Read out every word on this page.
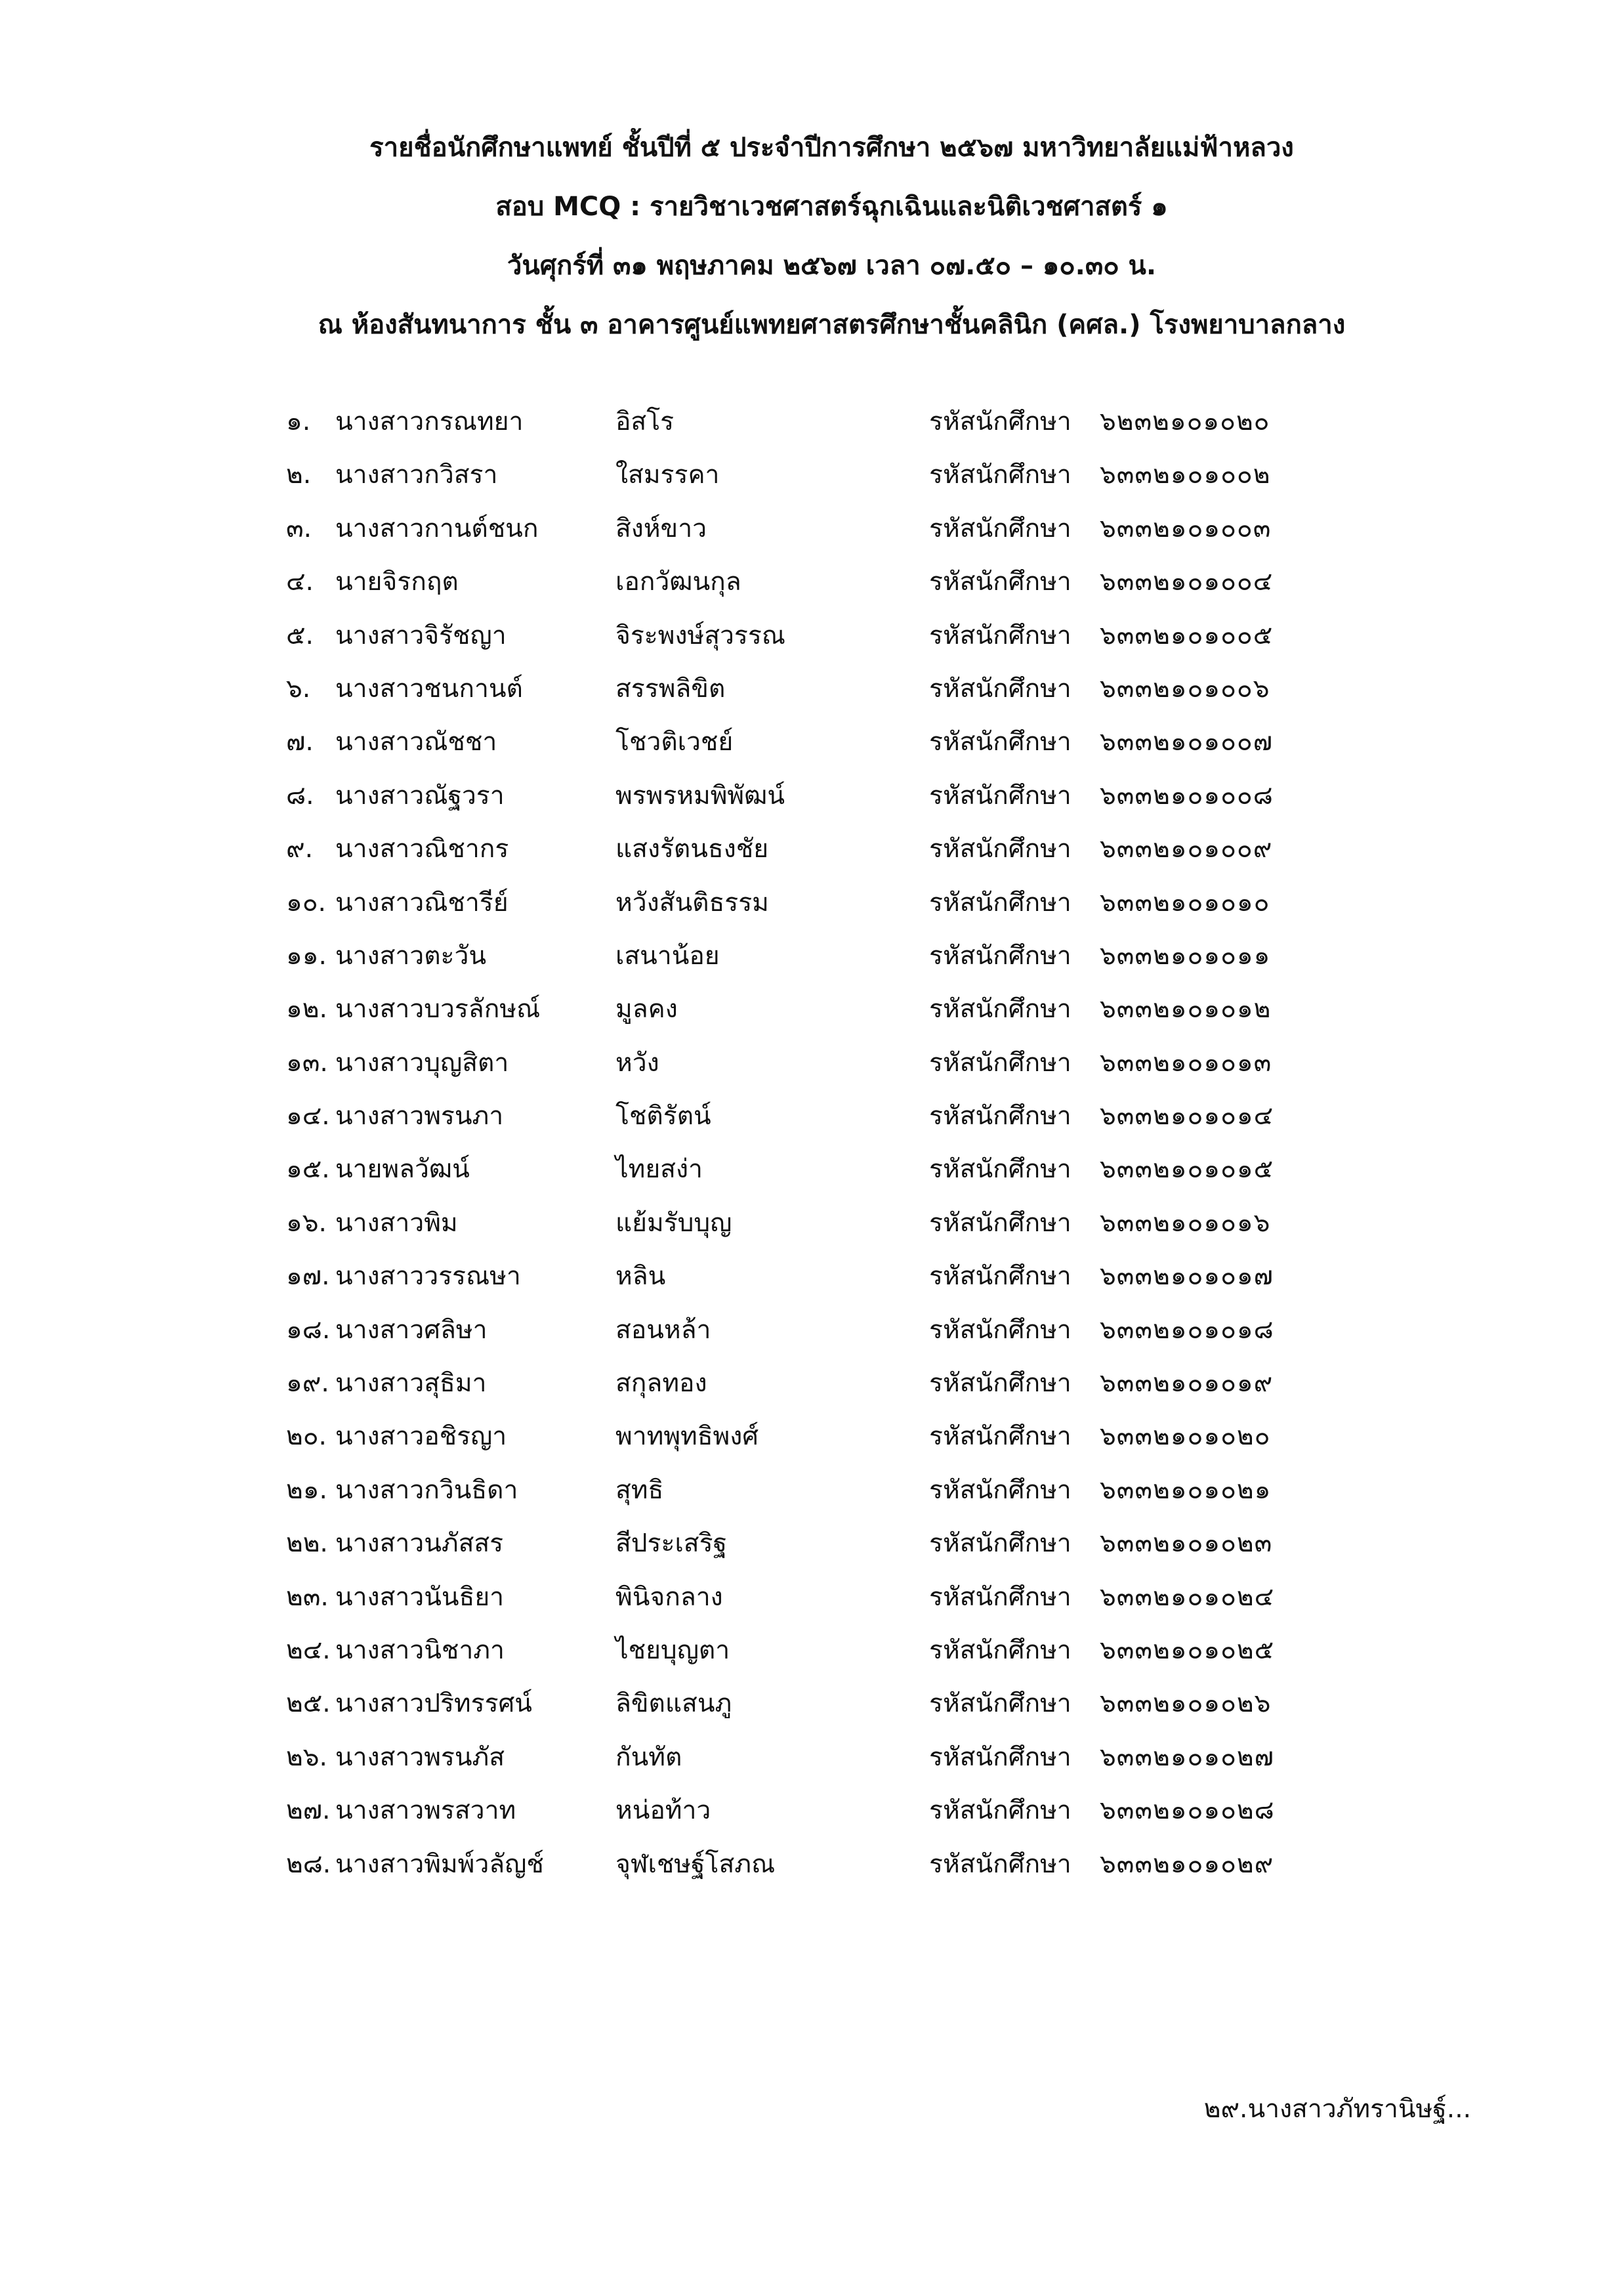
รายชื่อนักศึกษาแพทย์ ชั้นปีที่ ๕ ประจำปีการศึกษา ๒๕๖๗ มหาวิทยาลัยแม่ฟ้าหลวง
สอบ MCQ : รายวิชาเวชศาสตร์ฉุกเฉินและนิติเวชศาสตร์ ๑
วันศุกร์ที่ ๓๑ พฤษภาคม ๒๕๖๗ เวลา ๐๗.๕๐ – ๑๐.๓๐ น.
ณ ห้องสันทนาการ ชั้น ๓ อาคารศูนย์แพทยศาสตรศึกษาชั้นคลินิก (คศล.) โรงพยาบาลกลาง
๑. นางสาวกรณทยา	อิสโร	รหัสนักศึกษา ๖๒๓๒๑๐๑๐๒๐
๒. นางสาวกวิสรา	ใสมรรคา	รหัสนักศึกษา ๖๓๓๒๑๐๑๐๐๒
๓. นางสาวกานต์ชนก	สิงห์ขาว	รหัสนักศึกษา ๖๓๓๒๑๐๑๐๐๓
๔. นายจิรกฤต	เอกวัฒนกุล	รหัสนักศึกษา ๖๓๓๒๑๐๑๐๐๔
๕. นางสาวจิรัชญา	จิระพงษ์สุวรรณ	รหัสนักศึกษา ๖๓๓๒๑๐๑๐๐๕
๖. นางสาวชนกานต์	สรรพลิขิต	รหัสนักศึกษา ๖๓๓๒๑๐๑๐๐๖
๗. นางสาวณัชชา	โชวติเวชย์	รหัสนักศึกษา ๖๓๓๒๑๐๑๐๐๗
๘. นางสาวณัฐวรา	พรพรหมพิพัฒน์	รหัสนักศึกษา ๖๓๓๒๑๐๑๐๐๘
๙. นางสาวณิชากร	แสงรัตนธงชัย	รหัสนักศึกษา ๖๓๓๒๑๐๑๐๐๙
๑๐. นางสาวณิชารีย์	หวังสันติธรรม	รหัสนักศึกษา ๖๓๓๒๑๐๑๐๑๐
๑๑. นางสาวตะวัน	เสนาน้อย	รหัสนักศึกษา ๖๓๓๒๑๐๑๐๑๑
๑๒. นางสาวบวรลักษณ์	มูลคง	รหัสนักศึกษา ๖๓๓๒๑๐๑๐๑๒
๑๓. นางสาวบุญสิตา	หวัง	รหัสนักศึกษา ๖๓๓๒๑๐๑๐๑๓
๑๔. นางสาวพรนภา	โชติรัตน์	รหัสนักศึกษา ๖๓๓๒๑๐๑๐๑๔
๑๕. นายพลวัฒน์	ไทยสง่า	รหัสนักศึกษา ๖๓๓๒๑๐๑๐๑๕
๑๖. นางสาวพิม	แย้มรับบุญ	รหัสนักศึกษา ๖๓๓๒๑๐๑๐๑๖
๑๗. นางสาววรรณษา	หลิน	รหัสนักศึกษา ๖๓๓๒๑๐๑๐๑๗
๑๘. นางสาวศลิษา	สอนหล้า	รหัสนักศึกษา ๖๓๓๒๑๐๑๐๑๘
๑๙. นางสาวสุธิมา	สกุลทอง	รหัสนักศึกษา ๖๓๓๒๑๐๑๐๑๙
๒๐. นางสาวอชิรญา	พาทพุทธิพงศ์	รหัสนักศึกษา ๖๓๓๒๑๐๑๐๒๐
๒๑. นางสาวกวินธิดา	สุทธิ	รหัสนักศึกษา ๖๓๓๒๑๐๑๐๒๑
๒๒. นางสาวนภัสสร	สีประเสริฐ	รหัสนักศึกษา ๖๓๓๒๑๐๑๐๒๓
๒๓. นางสาวนันธิยา	พินิจกลาง	รหัสนักศึกษา ๖๓๓๒๑๐๑๐๒๔
๒๔. นางสาวนิชาภา	ไชยบุญตา	รหัสนักศึกษา ๖๓๓๒๑๐๑๐๒๕
๒๕. นางสาวปริทรรศน์	ลิขิตแสนภู	รหัสนักศึกษา ๖๓๓๒๑๐๑๐๒๖
๒๖. นางสาวพรนภัส	กันทัต	รหัสนักศึกษา ๖๓๓๒๑๐๑๐๒๗
๒๗. นางสาวพรสวาท	หน่อท้าว	รหัสนักศึกษา ๖๓๓๒๑๐๑๐๒๘
๒๘. นางสาวพิมพ์วลัญช์	จุฬเชษฐ์โสภณ	รหัสนักศึกษา ๖๓๓๒๑๐๑๐๒๙
๒๙.นางสาวภัทรานิษฐ์...
